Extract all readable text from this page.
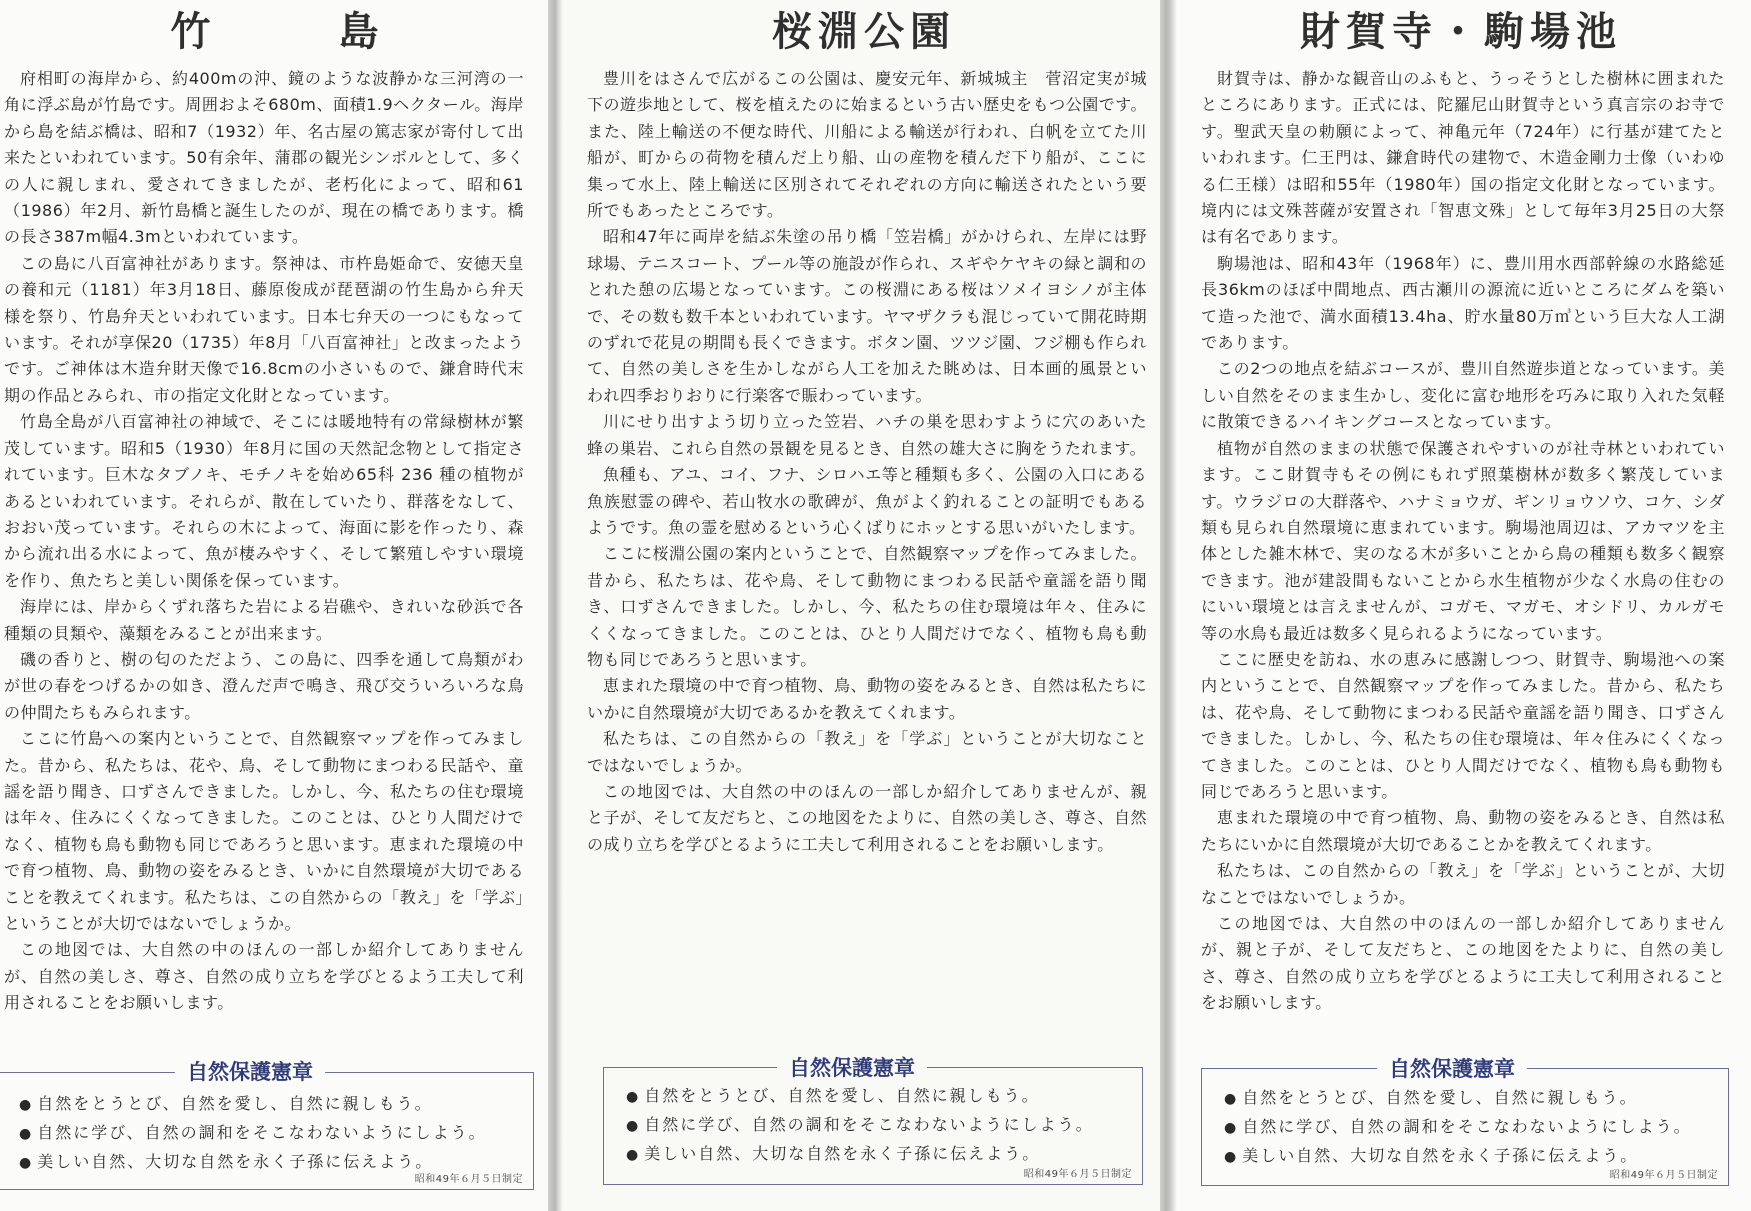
竹　島

府相町の海岸から、約400mの沖、鏡のような波静かな三河湾の一角に浮ぶ島が竹島です。周囲およそ680m、面積1.9ヘクタール。海岸から島を結ぶ橋は、昭和7（1932）年、名古屋の篤志家が寄付して出来たといわれています。50有余年、蒲郡の観光シンボルとして、多くの人に親しまれ、愛されてきましたが、老朽化によって、昭和61（1986）年2月、新竹島橋と誕生したのが、現在の橋であります。橋の長さ387m幅4.3mといわれています。

この島に八百富神社があります。祭神は、市杵島姫命で、安徳天皇の養和元（1181）年3月18日、藤原俊成が琵琶湖の竹生島から弁天様を祭り、竹島弁天といわれています。日本七弁天の一つにもなっています。それが享保20（1735）年8月「八百富神社」と改まったようです。ご神体は木造弁財天像で16.8cmの小さいもので、鎌倉時代末期の作品とみられ、市の指定文化財となっています。

竹島全島が八百富神社の神域で、そこには暖地特有の常緑樹林が繁茂しています。昭和5（1930）年8月に国の天然記念物として指定されています。巨木なタブノキ、モチノキを始め65科 236 種の植物があるといわれています。それらが、散在していたり、群落をなして、おおい茂っています。それらの木によって、海面に影を作ったり、森から流れ出る水によって、魚が棲みやすく、そして繁殖しやすい環境を作り、魚たちと美しい関係を保っています。

海岸には、岸からくずれ落ちた岩による岩礁や、きれいな砂浜で各種類の貝類や、藻類をみることが出来ます。

磯の香りと、樹の匂のただよう、この島に、四季を通して鳥類がわが世の春をつげるかの如き、澄んだ声で鳴き、飛び交ういろいろな鳥の仲間たちもみられます。

ここに竹島への案内ということで、自然観察マップを作ってみました。昔から、私たちは、花や、鳥、そして動物にまつわる民話や、童謡を語り聞き、口ずさんできました。しかし、今、私たちの住む環境は年々、住みにくくなってきました。このことは、ひとり人間だけでなく、植物も鳥も動物も同じであろうと思います。恵まれた環境の中で育つ植物、鳥、動物の姿をみるとき、いかに自然環境が大切であることを教えてくれます。私たちは、この自然からの「教え」を「学ぶ」ということが大切ではないでしょうか。

この地図では、大自然の中のほんの一部しか紹介してありませんが、自然の美しさ、尊さ、自然の成り立ちを学びとるよう工夫して利用されることをお願いします。

● 自然をとうとび、自然を愛し、自然に親しもう。
● 自然に学び、自然の調和をそこなわないようにしよう。
● 美しい自然、大切な自然を永く子孫に伝えよう。
昭和49年６月５日制定
自然保護憲章
桜淵公園

豊川をはさんで広がるこの公園は、慶安元年、新城城主　菅沼定実が城下の遊歩地として、桜を植えたのに始まるという古い歴史をもつ公園です。また、陸上輸送の不便な時代、川船による輸送が行われ、白帆を立てた川船が、町からの荷物を積んだ上り船、山の産物を積んだ下り船が、ここに集って水上、陸上輸送に区別されてそれぞれの方向に輸送されたという要所でもあったところです。

昭和47年に両岸を結ぶ朱塗の吊り橋「笠岩橋」がかけられ、左岸には野球場、テニスコート、プール等の施設が作られ、スギやケヤキの緑と調和のとれた憩の広場となっています。この桜淵にある桜はソメイヨシノが主体で、その数も数千本といわれています。ヤマザクラも混じっていて開花時期のずれで花見の期間も長くできます。ボタン園、ツツジ園、フジ棚も作られて、自然の美しさを生かしながら人工を加えた眺めは、日本画的風景といわれ四季おりおりに行楽客で賑わっています。

川にせり出すよう切り立った笠岩、ハチの巣を思わすように穴のあいた蜂の巣岩、これら自然の景観を見るとき、自然の雄大さに胸をうたれます。

魚種も、アユ、コイ、フナ、シロハエ等と種類も多く、公園の入口にある魚族慰霊の碑や、若山牧水の歌碑が、魚がよく釣れることの証明でもあるようです。魚の霊を慰めるという心くばりにホッとする思いがいたします。

ここに桜淵公園の案内ということで、自然観察マップを作ってみました。昔から、私たちは、花や鳥、そして動物にまつわる民話や童謡を語り聞き、口ずさんできました。しかし、今、私たちの住む環境は年々、住みにくくなってきました。このことは、ひとり人間だけでなく、植物も鳥も動物も同じであろうと思います。

恵まれた環境の中で育つ植物、鳥、動物の姿をみるとき、自然は私たちにいかに自然環境が大切であるかを教えてくれます。

私たちは、この自然からの「教え」を「学ぶ」ということが大切なことではないでしょうか。

この地図では、大自然の中のほんの一部しか紹介してありませんが、親と子が、そして友だちと、この地図をたよりに、自然の美しさ、尊さ、自然の成り立ちを学びとるように工夫して利用されることをお願いします。

● 自然をとうとび、自然を愛し、自然に親しもう。
● 自然に学び、自然の調和をそこなわないようにしよう。
● 美しい自然、大切な自然を永く子孫に伝えよう。
昭和49年６月５日制定
自然保護憲章
財賀寺・駒場池

財賀寺は、静かな観音山のふもと、うっそうとした樹林に囲まれたところにあります。正式には、陀羅尼山財賀寺という真言宗のお寺です。聖武天皇の勅願によって、神亀元年（724年）に行基が建てたといわれます。仁王門は、鎌倉時代の建物で、木造金剛力士像（いわゆる仁王様）は昭和55年（1980年）国の指定文化財となっています。境内には文殊菩薩が安置され「智恵文殊」として毎年3月25日の大祭は有名であります。

駒場池は、昭和43年（1968年）に、豊川用水西部幹線の水路総延長36kmのほぼ中間地点、西古瀬川の源流に近いところにダムを築いて造った池で、満水面積13.4ha、貯水量80万㎥という巨大な人工湖であります。

この2つの地点を結ぶコースが、豊川自然遊歩道となっています。美しい自然をそのまま生かし、変化に富む地形を巧みに取り入れた気軽に散策できるハイキングコースとなっています。

植物が自然のままの状態で保護されやすいのが社寺林といわれています。ここ財賀寺もその例にもれず照葉樹林が数多く繁茂しています。ウラジロの大群落や、ハナミョウガ、ギンリョウソウ、コケ、シダ類も見られ自然環境に恵まれています。駒場池周辺は、アカマツを主体とした雑木林で、実のなる木が多いことから鳥の種類も数多く観察できます。池が建設間もないことから水生植物が少なく水鳥の住むのにいい環境とは言えませんが、コガモ、マガモ、オシドリ、カルガモ等の水鳥も最近は数多く見られるようになっています。

ここに歴史を訪ね、水の恵みに感謝しつつ、財賀寺、駒場池への案内ということで、自然観察マップを作ってみました。昔から、私たちは、花や鳥、そして動物にまつわる民話や童謡を語り聞き、口ずさんできました。しかし、今、私たちの住む環境は、年々住みにくくなってきました。このことは、ひとり人間だけでなく、植物も鳥も動物も同じであろうと思います。

恵まれた環境の中で育つ植物、鳥、動物の姿をみるとき、自然は私たちにいかに自然環境が大切であることかを教えてくれます。

私たちは、この自然からの「教え」を「学ぶ」ということが、大切なことではないでしょうか。

この地図では、大自然の中のほんの一部しか紹介してありませんが、親と子が、そして友だちと、この地図をたよりに、自然の美しさ、尊さ、自然の成り立ちを学びとるように工夫して利用されることをお願いします。

● 自然をとうとび、自然を愛し、自然に親しもう。
● 自然に学び、自然の調和をそこなわないようにしよう。
● 美しい自然、大切な自然を永く子孫に伝えよう。
昭和49年６月５日制定
自然保護憲章
